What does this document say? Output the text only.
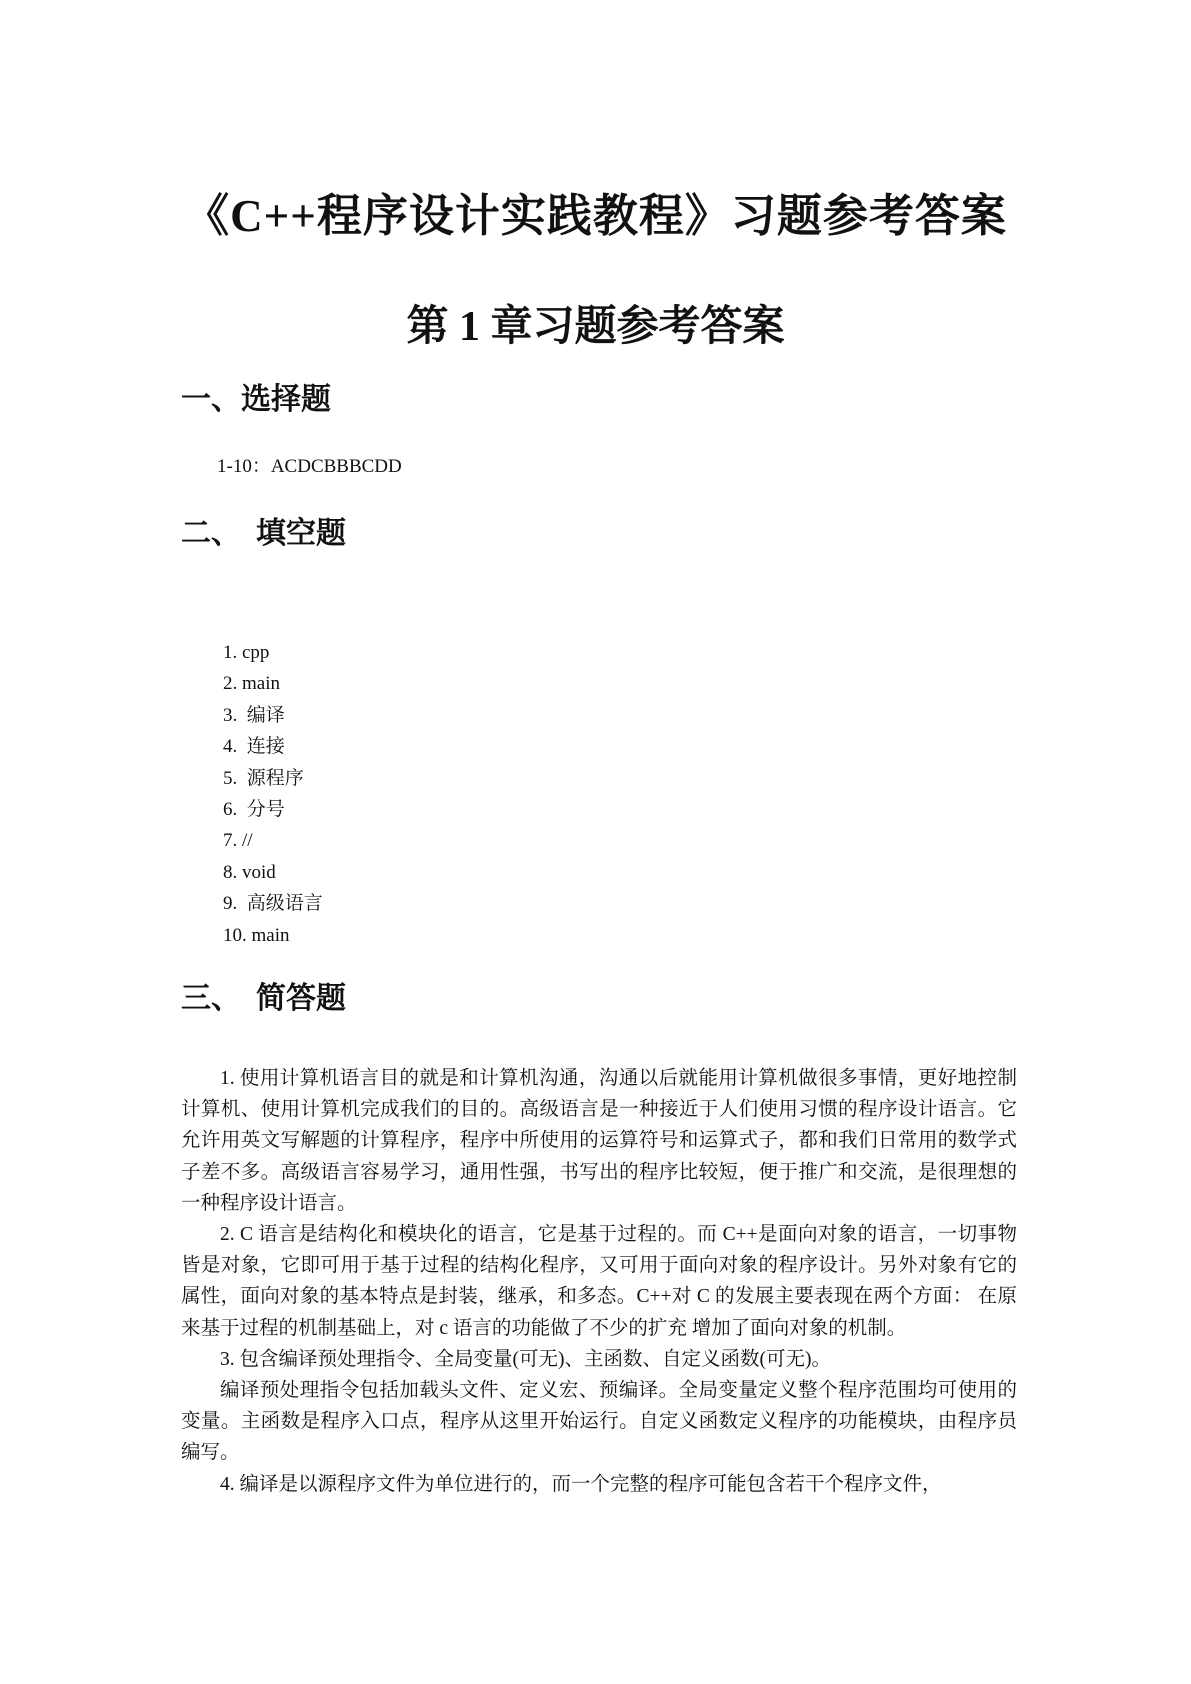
《C++程序设计实践教程》习题参考答案
第 1 章习题参考答案
一、选择题

1-10：ACDCBBBCDD

二、  填空题
1. cpp
2. main
3.  编译
4.  连接
5.  源程序
6.  分号
7. //
8. void
9.  高级语言
10. main
三、  简答题

1. 使用计算机语言目的就是和计算机沟通，沟通以后就能用计算机做很多事情，更好地控制计算机、使用计算机完成我们的目的。高级语言是一种接近于人们使用习惯的程序设计语言。它允许用英文写解题的计算程序，程序中所使用的运算符号和运算式子，都和我们日常用的数学式子差不多。高级语言容易学习，通用性强，书写出的程序比较短，便于推广和交流，是很理想的一种程序设计语言。

2. C 语言是结构化和模块化的语言，它是基于过程的。而 C++是面向对象的语言，一切事物皆是对象，它即可用于基于过程的结构化程序，又可用于面向对象的程序设计。另外对象有它的属性，面向对象的基本特点是封装，继承，和多态。C++对 C 的发展主要表现在两个方面： 在原来基于过程的机制基础上，对 c 语言的功能做了不少的扩充 增加了面向对象的机制。

3. 包含编译预处理指令、全局变量(可无)、主函数、自定义函数(可无)。

编译预处理指令包括加载头文件、定义宏、预编译。全局变量定义整个程序范围均可使用的变量。主函数是程序入口点，程序从这里开始运行。自定义函数定义程序的功能模块，由程序员编写。

4. 编译是以源程序文件为单位进行的，而一个完整的程序可能包含若干个程序文件，
